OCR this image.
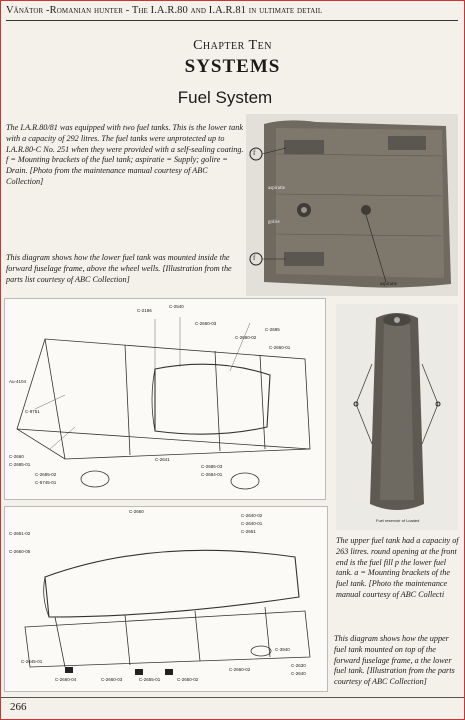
Vânător -Romanian hunter - The I.A.R.80 and I.A.R.81 in ultimate detail
Chapter Ten
SYSTEMS
Fuel System
The I.A.R.80/81 was equipped with two fuel tanks. This is the lower tank with a capacity of 292 litres. The fuel tanks were unprotected up to I.A.R.80-C No. 251 when they were provided with a self-sealing coating. f = Mounting brackets of the fuel tank; aspiratie = Supply; golire = Drain. [Photo from the maintenance manual courtesy of ABC Collection]
This diagram shows how the lower fuel tank was mounted inside the forward fuselage frame, above the wheel wells. [Illustration from the parts list courtesy of ABC Collection]
f
f
aspiratie
golire
aspiratie
C-2196
C-2540
C-2660-03
C-2660-02
C-2685
Au-4104
C-2660
C-2685-01
C-2685-02
C-5745-01
C-2641
C-9751
C-2685-03
C-2684-01
C-2660-01
Fuel reservoir of Loaded
The upper fuel tank had a capacity of 263 litres. round opening at the front end is the fuel fill p the lower fuel tank. a = Mounting brackets of the fuel tank. [Photo the maintenance manual courtesy of ABC Collecti
C-2660
C-2640-02
C-2640-01
C-2651
C-2651-02
C-2660-05
C-2645-01
C-2660-04	C-2660-03	C-2655-01	C-2650-02
C-2660-02
C-3940
C-2630
C-2640
This diagram shows how the upper fuel tank mounted on top of the forward fuselage frame, a the lower fuel tank. [Illustration from the parts courtesy of ABC Collection]
266
